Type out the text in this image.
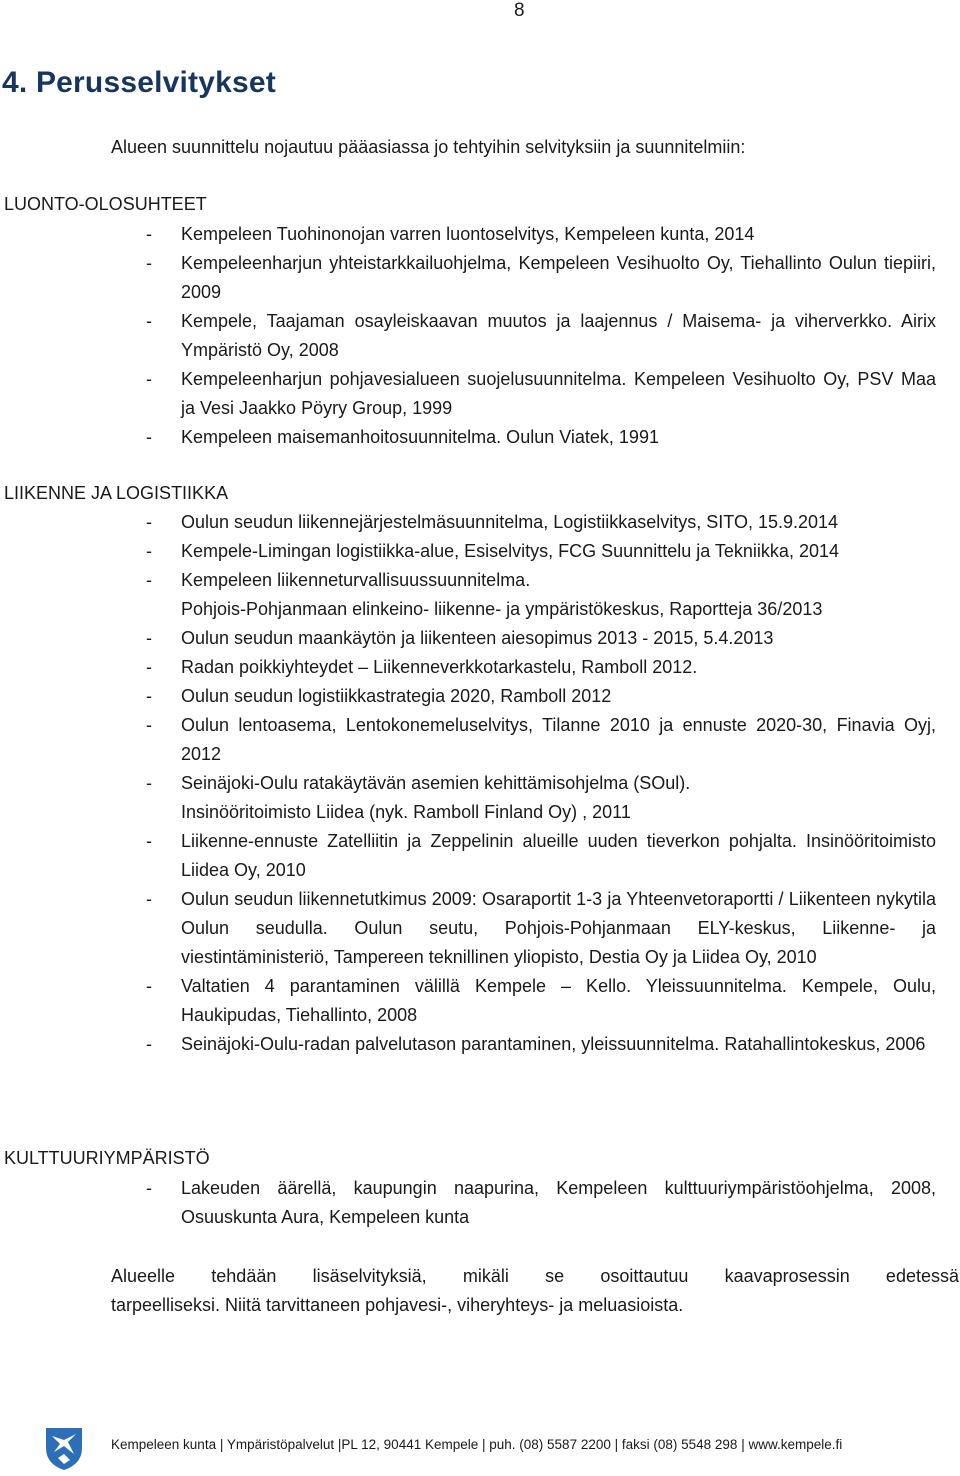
8
4. Perusselvitykset
Alueen suunnittelu nojautuu pääasiassa jo tehtyihin selvityksiin ja suunnitelmiin:
LUONTO-OLOSUHTEET
- Kempeleen Tuohinonojan varren luontoselvitys, Kempeleen kunta, 2014
- Kempeleenharjun yhteistarkkailuohjelma, Kempeleen Vesihuolto Oy, Tiehallinto Oulun tiepiiri, 2009
- Kempele, Taajaman osayleiskaavan muutos ja laajennus / Maisema- ja viherverkko. Airix Ympäristö Oy, 2008
- Kempeleenharjun pohjavesialueen suojelusuunnitelma. Kempeleen Vesihuolto Oy, PSV Maa ja Vesi Jaakko Pöyry Group, 1999
- Kempeleen maisemanhoitosuunnitelma. Oulun Viatek, 1991
LIIKENNE JA LOGISTIIKKA
- Oulun seudun liikennejärjestelmäsuunnitelma, Logistiikkaselvitys, SITO, 15.9.2014
- Kempele-Limingan logistiikka-alue, Esiselvitys, FCG Suunnittelu ja Tekniikka, 2014
- Kempeleen liikenneturvallisuussuunnitelma.
Pohjois-Pohjanmaan elinkeino- liikenne- ja ympäristökeskus, Raportteja 36/2013
- Oulun seudun maankäytön ja liikenteen aiesopimus 2013 - 2015, 5.4.2013
- Radan poikkiyhteydet – Liikenneverkkotarkastelu, Ramboll 2012.
- Oulun seudun logistiikkastrategia 2020, Ramboll 2012
- Oulun lentoasema, Lentokonemeluselvitys, Tilanne 2010 ja ennuste 2020-30, Finavia Oyj, 2012
- Seinäjoki-Oulu ratakäytävän asemien kehittämisohjelma (SOul).
Insinööritoimisto Liidea (nyk. Ramboll Finland Oy) , 2011
- Liikenne-ennuste Zatelliitin ja Zeppelinin alueille uuden tieverkon pohjalta. Insinööritoimisto Liidea Oy, 2010
- Oulun seudun liikennetutkimus 2009: Osaraportit 1-3 ja Yhteenvetoraportti / Liikenteen nykytila Oulun seudulla. Oulun seutu, Pohjois-Pohjanmaan ELY-keskus, Liikenne- ja viestintäministeriö, Tampereen teknillinen yliopisto, Destia Oy ja Liidea Oy, 2010
- Valtatien 4 parantaminen välillä Kempele – Kello. Yleissuunnitelma. Kempele, Oulu, Haukipudas, Tiehallinto, 2008
- Seinäjoki-Oulu-radan palvelutason parantaminen, yleissuunnitelma. Ratahallintokeskus, 2006
KULTTUURIYMPÄRISTÖ
- Lakeuden äärellä, kaupungin naapurina, Kempeleen kulttuuriympäristöohjelma, 2008, Osuuskunta Aura, Kempeleen kunta

Alueelle tehdään lisäselvityksiä, mikäli se osoittautuu kaavaprosessin edetessä
tarpeelliseksi. Niitä tarvittaneen pohjavesi-, viheryhteys- ja meluasioista.

Kempeleen kunta | Ympäristöpalvelut |PL 12, 90441 Kempele | puh. (08) 5587 2200 | faksi (08) 5548 298 | www.kempele.fi
